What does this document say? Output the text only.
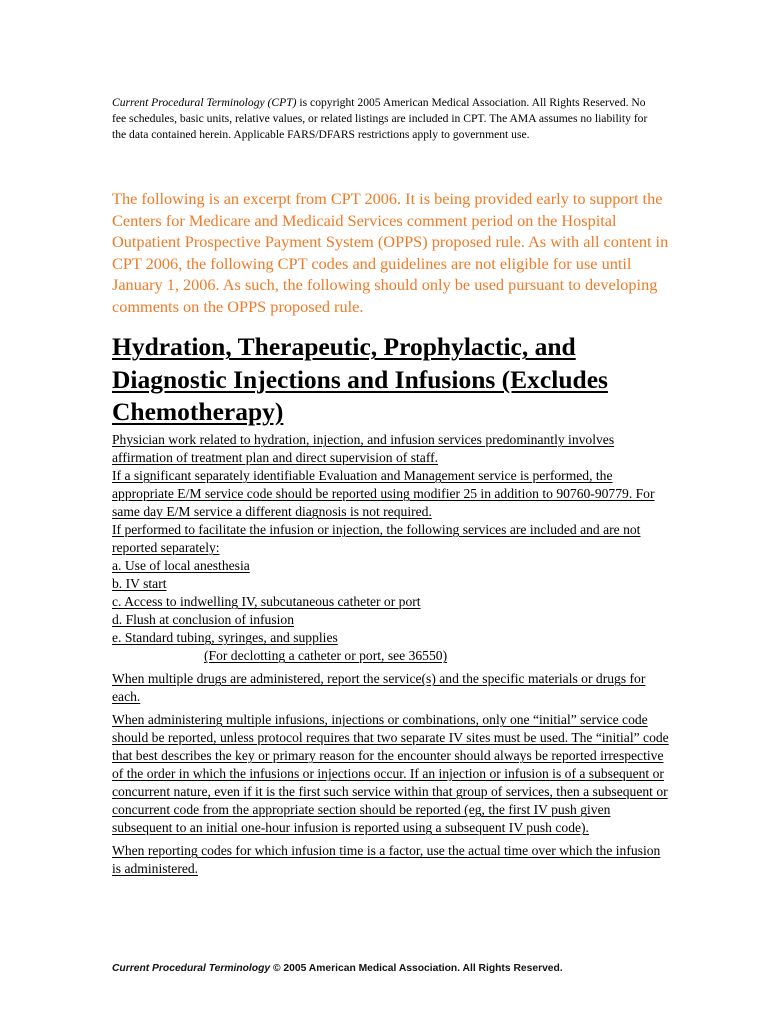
Current Procedural Terminology (CPT) is copyright 2005 American Medical Association. All Rights Reserved. No fee schedules, basic units, relative values, or related listings are included in CPT. The AMA assumes no liability for the data contained herein. Applicable FARS/DFARS restrictions apply to government use.
The following is an excerpt from CPT 2006. It is being provided early to support the Centers for Medicare and Medicaid Services comment period on the Hospital Outpatient Prospective Payment System (OPPS) proposed rule. As with all content in CPT 2006, the following CPT codes and guidelines are not eligible for use until January 1, 2006. As such, the following should only be used pursuant to developing comments on the OPPS proposed rule.
Hydration, Therapeutic, Prophylactic, and Diagnostic Injections and Infusions (Excludes Chemotherapy)
Physician work related to hydration, injection, and infusion services predominantly involves affirmation of treatment plan and direct supervision of staff.
If a significant separately identifiable Evaluation and Management service is performed, the appropriate E/M service code should be reported using modifier 25 in addition to 90760-90779. For same day E/M service a different diagnosis is not required.
If performed to facilitate the infusion or injection, the following services are included and are not reported separately:
a. Use of local anesthesia
b. IV start
c. Access to indwelling IV, subcutaneous catheter or port
d. Flush at conclusion of infusion
e. Standard tubing, syringes, and supplies

(For declotting a catheter or port, see 36550)
When multiple drugs are administered, report the service(s) and the specific materials or drugs for each.
When administering multiple infusions, injections or combinations, only one “initial” service code should be reported, unless protocol requires that two separate IV sites must be used. The “initial” code that best describes the key or primary reason for the encounter should always be reported irrespective of the order in which the infusions or injections occur. If an injection or infusion is of a subsequent or concurrent nature, even if it is the first such service within that group of services, then a subsequent or concurrent code from the appropriate section should be reported (eg, the first IV push given subsequent to an initial one-hour infusion is reported using a subsequent IV push code).
When reporting codes for which infusion time is a factor, use the actual time over which the infusion is administered.
Current Procedural Terminology © 2005 American Medical Association. All Rights Reserved.
